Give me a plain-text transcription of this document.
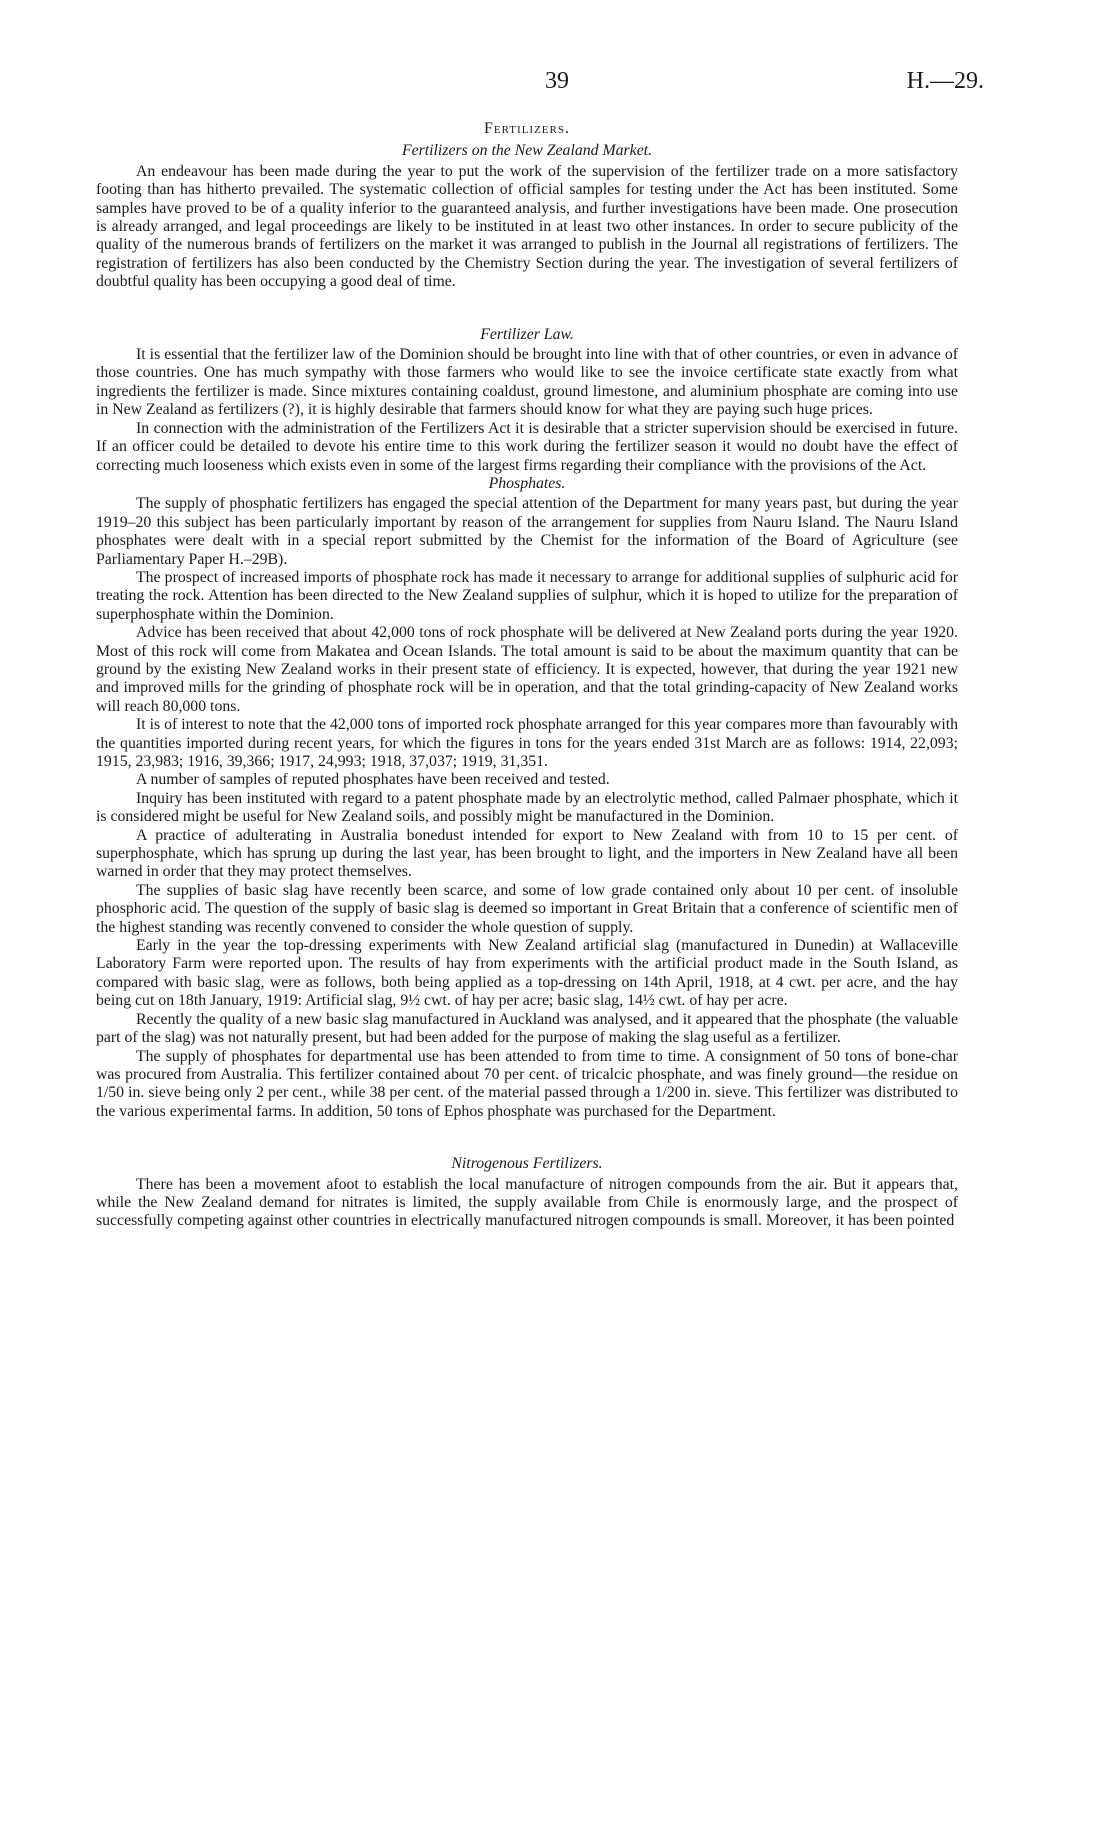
39	H.—29.
Fertilizers.
Fertilizers on the New Zealand Market.

An endeavour has been made during the year to put the work of the supervision of the fertilizer trade on a more satisfactory footing than has hitherto prevailed. The systematic collection of official samples for testing under the Act has been instituted. Some samples have proved to be of a quality inferior to the guaranteed analysis, and further investigations have been made. One prosecution is already arranged, and legal proceedings are likely to be instituted in at least two other instances. In order to secure publicity of the quality of the numerous brands of fertilizers on the market it was arranged to publish in the Journal all registrations of fertilizers. The registration of fertilizers has also been conducted by the Chemistry Section during the year. The investigation of several fertilizers of doubtful quality has been occupying a good deal of time.

Fertilizer Law.

It is essential that the fertilizer law of the Dominion should be brought into line with that of other countries, or even in advance of those countries. One has much sympathy with those farmers who would like to see the invoice certificate state exactly from what ingredients the fertilizer is made. Since mixtures containing coaldust, ground limestone, and aluminium phosphate are coming into use in New Zealand as fertilizers (?), it is highly desirable that farmers should know for what they are paying such huge prices.

In connection with the administration of the Fertilizers Act it is desirable that a stricter supervision should be exercised in future. If an officer could be detailed to devote his entire time to this work during the fertilizer season it would no doubt have the effect of correcting much looseness which exists even in some of the largest firms regarding their compliance with the provisions of the Act.

Phosphates.

The supply of phosphatic fertilizers has engaged the special attention of the Department for many years past, but during the year 1919–20 this subject has been particularly important by reason of the arrangement for supplies from Nauru Island. The Nauru Island phosphates were dealt with in a special report submitted by the Chemist for the information of the Board of Agriculture (see Parliamentary Paper H.–29B).

The prospect of increased imports of phosphate rock has made it necessary to arrange for additional supplies of sulphuric acid for treating the rock. Attention has been directed to the New Zealand supplies of sulphur, which it is hoped to utilize for the preparation of superphosphate within the Dominion.

Advice has been received that about 42,000 tons of rock phosphate will be delivered at New Zealand ports during the year 1920. Most of this rock will come from Makatea and Ocean Islands. The total amount is said to be about the maximum quantity that can be ground by the existing New Zealand works in their present state of efficiency. It is expected, however, that during the year 1921 new and improved mills for the grinding of phosphate rock will be in operation, and that the total grinding-capacity of New Zealand works will reach 80,000 tons.

It is of interest to note that the 42,000 tons of imported rock phosphate arranged for this year compares more than favourably with the quantities imported during recent years, for which the figures in tons for the years ended 31st March are as follows: 1914, 22,093; 1915, 23,983; 1916, 39,366; 1917, 24,993; 1918, 37,037; 1919, 31,351.

A number of samples of reputed phosphates have been received and tested.

Inquiry has been instituted with regard to a patent phosphate made by an electrolytic method, called Palmaer phosphate, which it is considered might be useful for New Zealand soils, and possibly might be manufactured in the Dominion.

A practice of adulterating in Australia bonedust intended for export to New Zealand with from 10 to 15 per cent. of superphosphate, which has sprung up during the last year, has been brought to light, and the importers in New Zealand have all been warned in order that they may protect themselves.

The supplies of basic slag have recently been scarce, and some of low grade contained only about 10 per cent. of insoluble phosphoric acid. The question of the supply of basic slag is deemed so important in Great Britain that a conference of scientific men of the highest standing was recently convened to consider the whole question of supply.

Early in the year the top-dressing experiments with New Zealand artificial slag (manufactured in Dunedin) at Wallaceville Laboratory Farm were reported upon. The results of hay from experiments with the artificial product made in the South Island, as compared with basic slag, were as follows, both being applied as a top-dressing on 14th April, 1918, at 4 cwt. per acre, and the hay being cut on 18th January, 1919: Artificial slag, 9½ cwt. of hay per acre; basic slag, 14½ cwt. of hay per acre.

Recently the quality of a new basic slag manufactured in Auckland was analysed, and it appeared that the phosphate (the valuable part of the slag) was not naturally present, but had been added for the purpose of making the slag useful as a fertilizer.

The supply of phosphates for departmental use has been attended to from time to time. A consignment of 50 tons of bone-char was procured from Australia. This fertilizer contained about 70 per cent. of tricalcic phosphate, and was finely ground—the residue on 1/50 in. sieve being only 2 per cent., while 38 per cent. of the material passed through a 1/200 in. sieve. This fertilizer was distributed to the various experimental farms. In addition, 50 tons of Ephos phosphate was purchased for the Department.

Nitrogenous Fertilizers.

There has been a movement afoot to establish the local manufacture of nitrogen compounds from the air. But it appears that, while the New Zealand demand for nitrates is limited, the supply available from Chile is enormously large, and the prospect of successfully competing against other countries in electrically manufactured nitrogen compounds is small. Moreover, it has been pointed
